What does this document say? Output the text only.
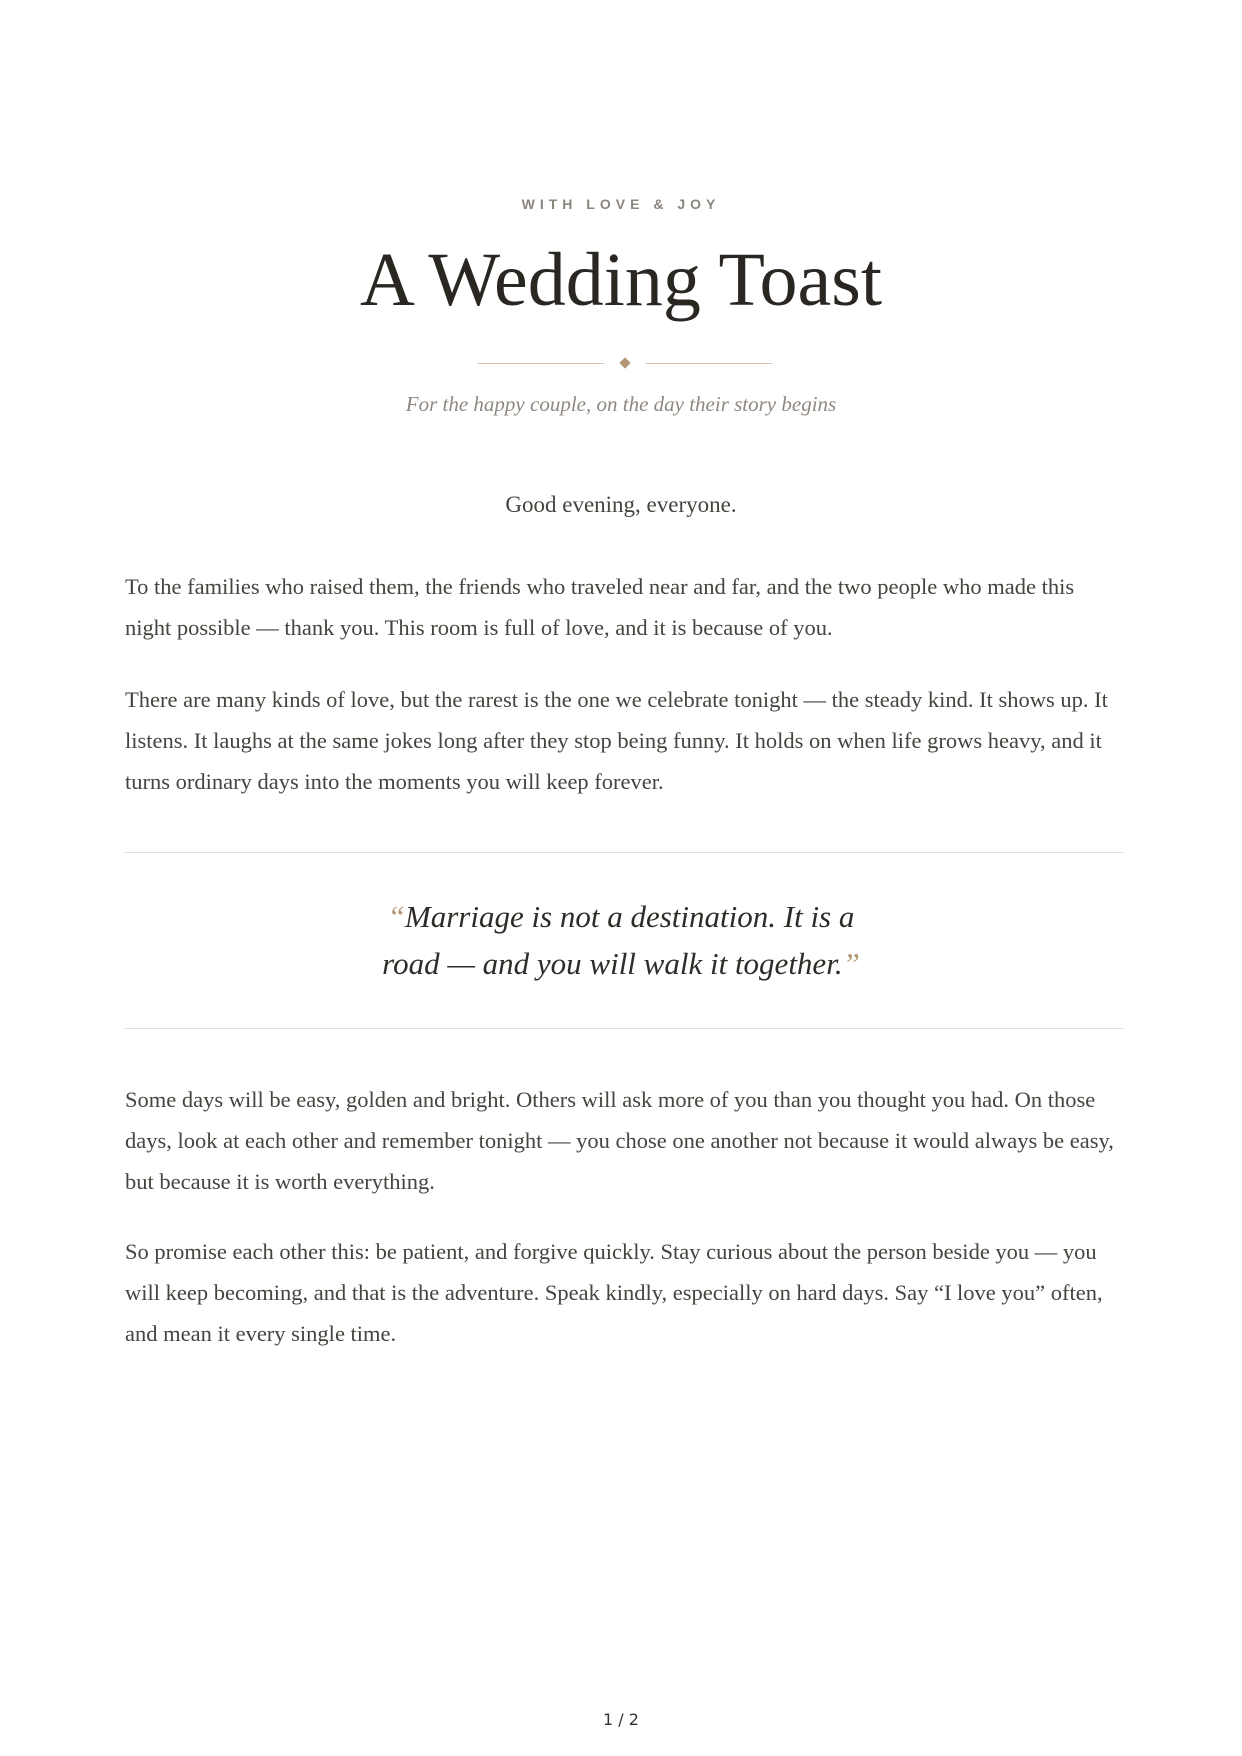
WITH LOVE & JOY
A Wedding Toast
For the happy couple, on the day their story begins
Good evening, everyone.

To the families who raised them, the friends who traveled near and far, and the two people who made this night possible — thank you. This room is full of love, and it is because of you.

There are many kinds of love, but the rarest is the one we celebrate tonight — the steady kind. It shows up. It listens. It laughs at the same jokes long after they stop being funny. It holds on when life grows heavy, and it turns ordinary days into the moments you will keep forever.

“Marriage is not a destination. It is a road — and you will walk it together.”

Some days will be easy, golden and bright. Others will ask more of you than you thought you had. On those days, look at each other and remember tonight — you chose one another not because it would always be easy, but because it is worth everything.

So promise each other this: be patient, and forgive quickly. Stay curious about the person beside you — you will keep becoming, and that is the adventure. Speak kindly, especially on hard days. Say “I love you” often, and mean it every single time.

1 / 2
